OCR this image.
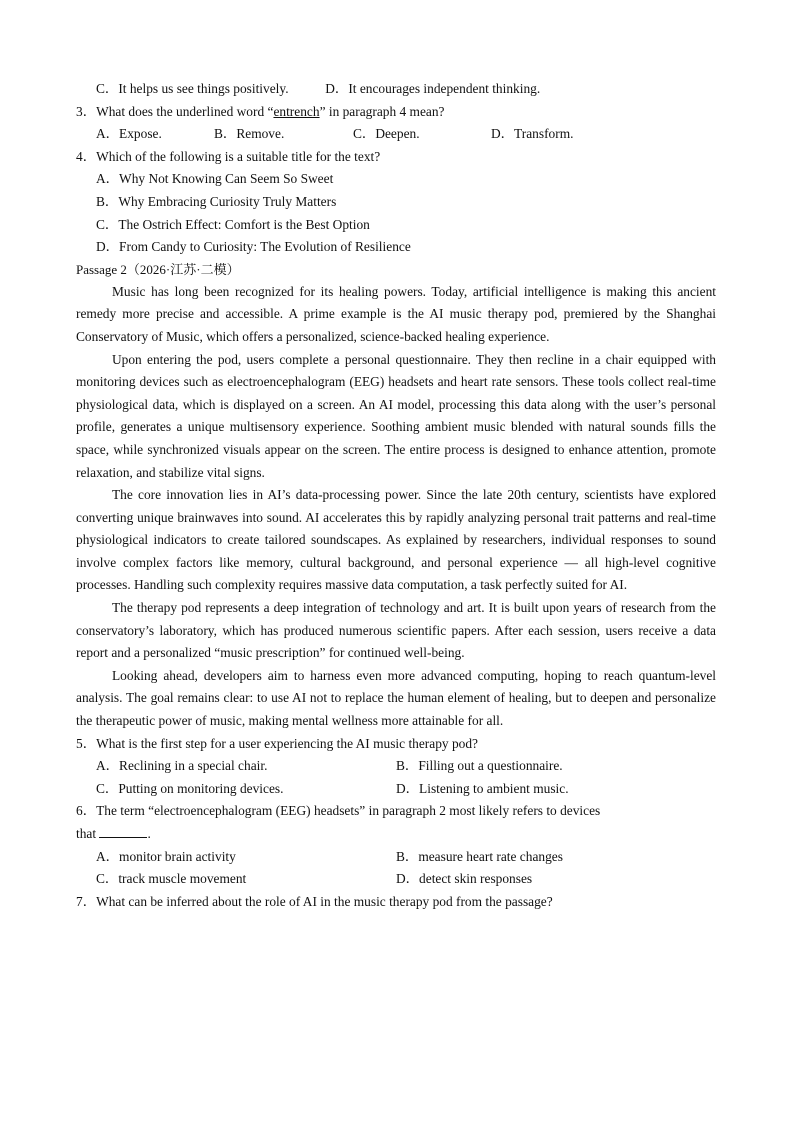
C．It helps us see things positively.	D．It encourages independent thinking.
3．What does the underlined word “entrench” in paragraph 4 mean?
A．Expose.	B．Remove.	C．Deepen.	D．Transform.
4．Which of the following is a suitable title for the text?
A．Why Not Knowing Can Seem So Sweet
B．Why Embracing Curiosity Truly Matters
C．The Ostrich Effect: Comfort is the Best Option
D．From Candy to Curiosity: The Evolution of Resilience
Passage 2（2026·江苏·二模）

Music has long been recognized for its healing powers. Today, artificial intelligence is making this ancient remedy more precise and accessible. A prime example is the AI music therapy pod, premiered by the Shanghai Conservatory of Music, which offers a personalized, science-backed healing experience.

Upon entering the pod, users complete a personal questionnaire. They then recline in a chair equipped with monitoring devices such as electroencephalogram (EEG) headsets and heart rate sensors. These tools collect real-time physiological data, which is displayed on a screen. An AI model, processing this data along with the user’s personal profile, generates a unique multisensory experience. Soothing ambient music blended with natural sounds fills the space, while synchronized visuals appear on the screen. The entire process is designed to enhance attention, promote relaxation, and stabilize vital signs.

The core innovation lies in AI’s data-processing power. Since the late 20th century, scientists have explored converting unique brainwaves into sound. AI accelerates this by rapidly analyzing personal trait patterns and real-time physiological indicators to create tailored soundscapes. As explained by researchers, individual responses to sound involve complex factors like memory, cultural background, and personal experience — all high-level cognitive processes. Handling such complexity requires massive data computation, a task perfectly suited for AI.

The therapy pod represents a deep integration of technology and art. It is built upon years of research from the conservatory’s laboratory, which has produced numerous scientific papers. After each session, users receive a data report and a personalized “music prescription” for continued well-being.

Looking ahead, developers aim to harness even more advanced computing, hoping to reach quantum-level analysis. The goal remains clear: to use AI not to replace the human element of healing, but to deepen and personalize the therapeutic power of music, making mental wellness more attainable for all.

5．What is the first step for a user experiencing the AI music therapy pod?
A．Reclining in a special chair.	B．Filling out a questionnaire.
C．Putting on monitoring devices.	D．Listening to ambient music.
6．The term “electroencephalogram (EEG) headsets” in paragraph 2 most likely refers to devices
that	.
A．monitor brain activity	B．measure heart rate changes
C．track muscle movement	D．detect skin responses
7．What can be inferred about the role of AI in the music therapy pod from the passage?
